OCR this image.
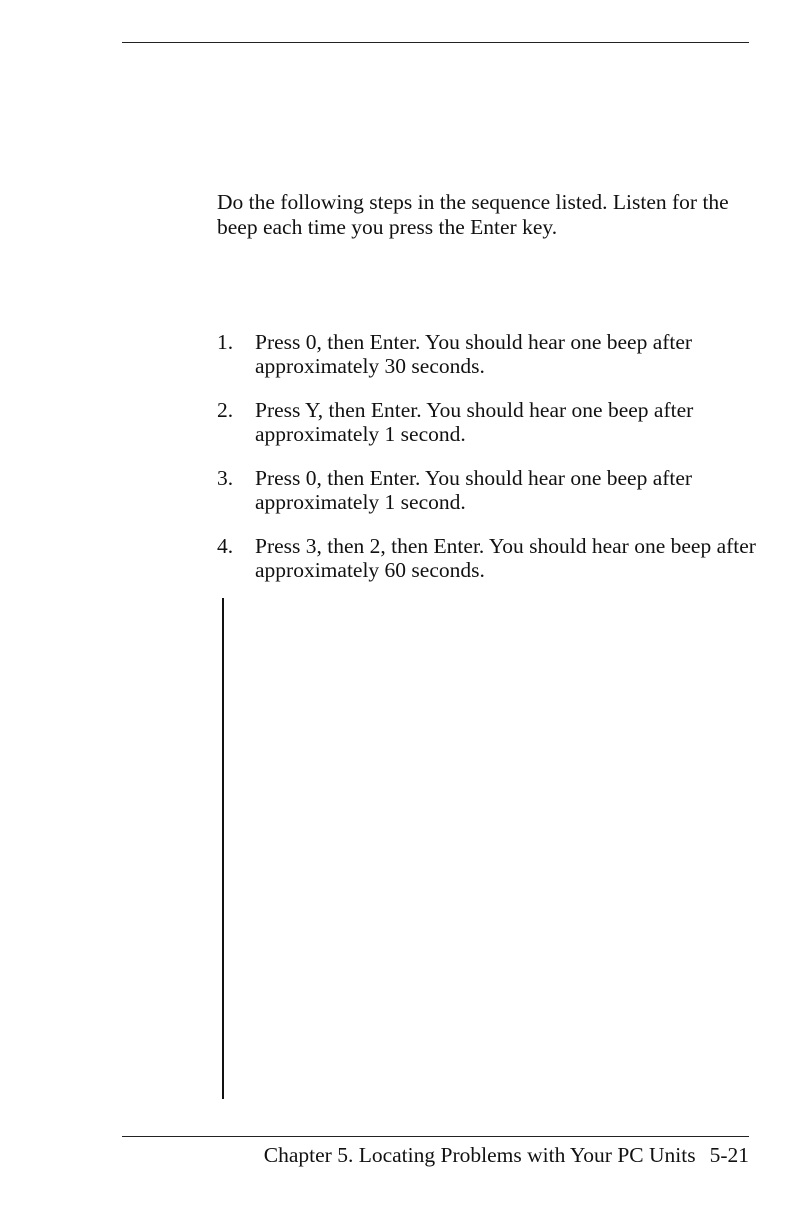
Do the following steps in the sequence listed. Listen for the beep each time you press the Enter key.

1. Press 0, then Enter. You should hear one beep after approximately 30 seconds.
2. Press Y, then Enter. You should hear one beep after approximately 1 second.
3. Press 0, then Enter. You should hear one beep after approximately 1 second.
4. Press 3, then 2, then Enter. You should hear one beep after approximately 60 seconds.
Chapter 5. Locating Problems with Your PC Units 5-21
